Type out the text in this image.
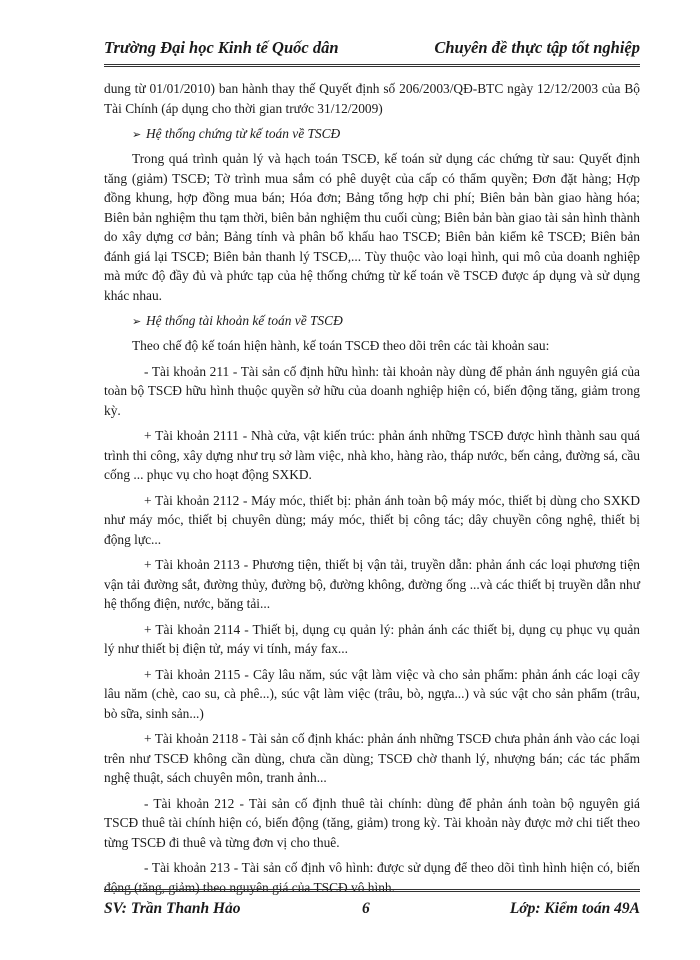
Trường Đại học Kinh tế Quốc dân	Chuyên đề thực tập tốt nghiệp

dung từ 01/01/2010) ban hành thay thế Quyết định số 206/2003/QĐ-BTC ngày 12/12/2003 của Bộ Tài Chính (áp dụng cho thời gian trước 31/12/2009)

➢ Hệ thống chứng từ kế toán về TSCĐ

Trong quá trình quản lý và hạch toán TSCĐ, kế toán sử dụng các chứng từ sau: Quyết định tăng (giảm) TSCĐ; Tờ trình mua sắm có phê duyệt của cấp có thẩm quyền; Đơn đặt hàng; Hợp đồng khung, hợp đồng mua bán; Hóa đơn; Bảng tổng hợp chi phí; Biên bản bàn giao hàng hóa; Biên bản nghiệm thu tạm thời, biên bản nghiệm thu cuối cùng; Biên bản bàn giao tài sản hình thành do xây dựng cơ bản; Bảng tính và phân bổ khấu hao TSCĐ; Biên bản kiểm kê TSCĐ; Biên bản đánh giá lại TSCĐ; Biên bản thanh lý TSCĐ,... Tùy thuộc vào loại hình, qui mô của doanh nghiệp mà mức độ đầy đủ và phức tạp của hệ thống chứng từ kế toán về TSCĐ được áp dụng và sử dụng khác nhau.

➢ Hệ thống tài khoản kế toán về TSCĐ

Theo chế độ kế toán hiện hành, kế toán TSCĐ theo dõi trên các tài khoản sau:

- Tài khoản 211 - Tài sản cố định hữu hình: tài khoản này dùng để phản ánh nguyên giá của toàn bộ TSCĐ hữu hình thuộc quyền sở hữu của doanh nghiệp hiện có, biến động tăng, giảm trong kỳ.

+ Tài khoản 2111 - Nhà cửa, vật kiến trúc: phản ánh những TSCĐ được hình thành sau quá trình thi công, xây dựng như trụ sở làm việc, nhà kho, hàng rào, tháp nước, bến cảng, đường sá, cầu cống ... phục vụ cho hoạt động SXKD.

+ Tài khoản 2112 - Máy móc, thiết bị: phản ánh toàn bộ máy móc, thiết bị dùng cho SXKD như máy móc, thiết bị chuyên dùng; máy móc, thiết bị công tác; dây chuyền công nghệ, thiết bị động lực...

+ Tài khoản 2113 - Phương tiện, thiết bị vận tải, truyền dẫn: phản ánh các loại phương tiện vận tải đường sắt, đường thủy, đường bộ, đường không, đường ống ...và các thiết bị truyền dẫn như hệ thống điện, nước, băng tải...

+ Tài khoản 2114 - Thiết bị, dụng cụ quản lý: phản ánh các thiết bị, dụng cụ phục vụ quản lý như thiết bị điện tử, máy vi tính, máy fax...

+ Tài khoản 2115 - Cây lâu năm, súc vật làm việc và cho sản phẩm: phản ánh các loại cây lâu năm (chè, cao su, cà phê...), súc vật làm việc (trâu, bò, ngựa...) và súc vật cho sản phẩm (trâu, bò sữa, sinh sản...)

+ Tài khoản 2118 - Tài sản cố định khác: phản ánh những TSCĐ chưa phản ánh vào các loại trên như TSCĐ không cần dùng, chưa cần dùng; TSCĐ chờ thanh lý, nhượng bán; các tác phẩm nghệ thuật, sách chuyên môn, tranh ảnh...

- Tài khoản 212 - Tài sản cố định thuê tài chính: dùng để phản ánh toàn bộ nguyên giá TSCĐ thuê tài chính hiện có, biến động (tăng, giảm) trong kỳ. Tài khoản này được mở chi tiết theo từng TSCĐ đi thuê và từng đơn vị cho thuê.

- Tài khoản 213 - Tài sản cố định vô hình: được sử dụng để theo dõi tình hình hiện có, biến động (tăng, giảm) theo nguyên giá của TSCĐ vô hình.

SV: Trần Thanh Hảo	6	Lớp: Kiểm toán 49A
